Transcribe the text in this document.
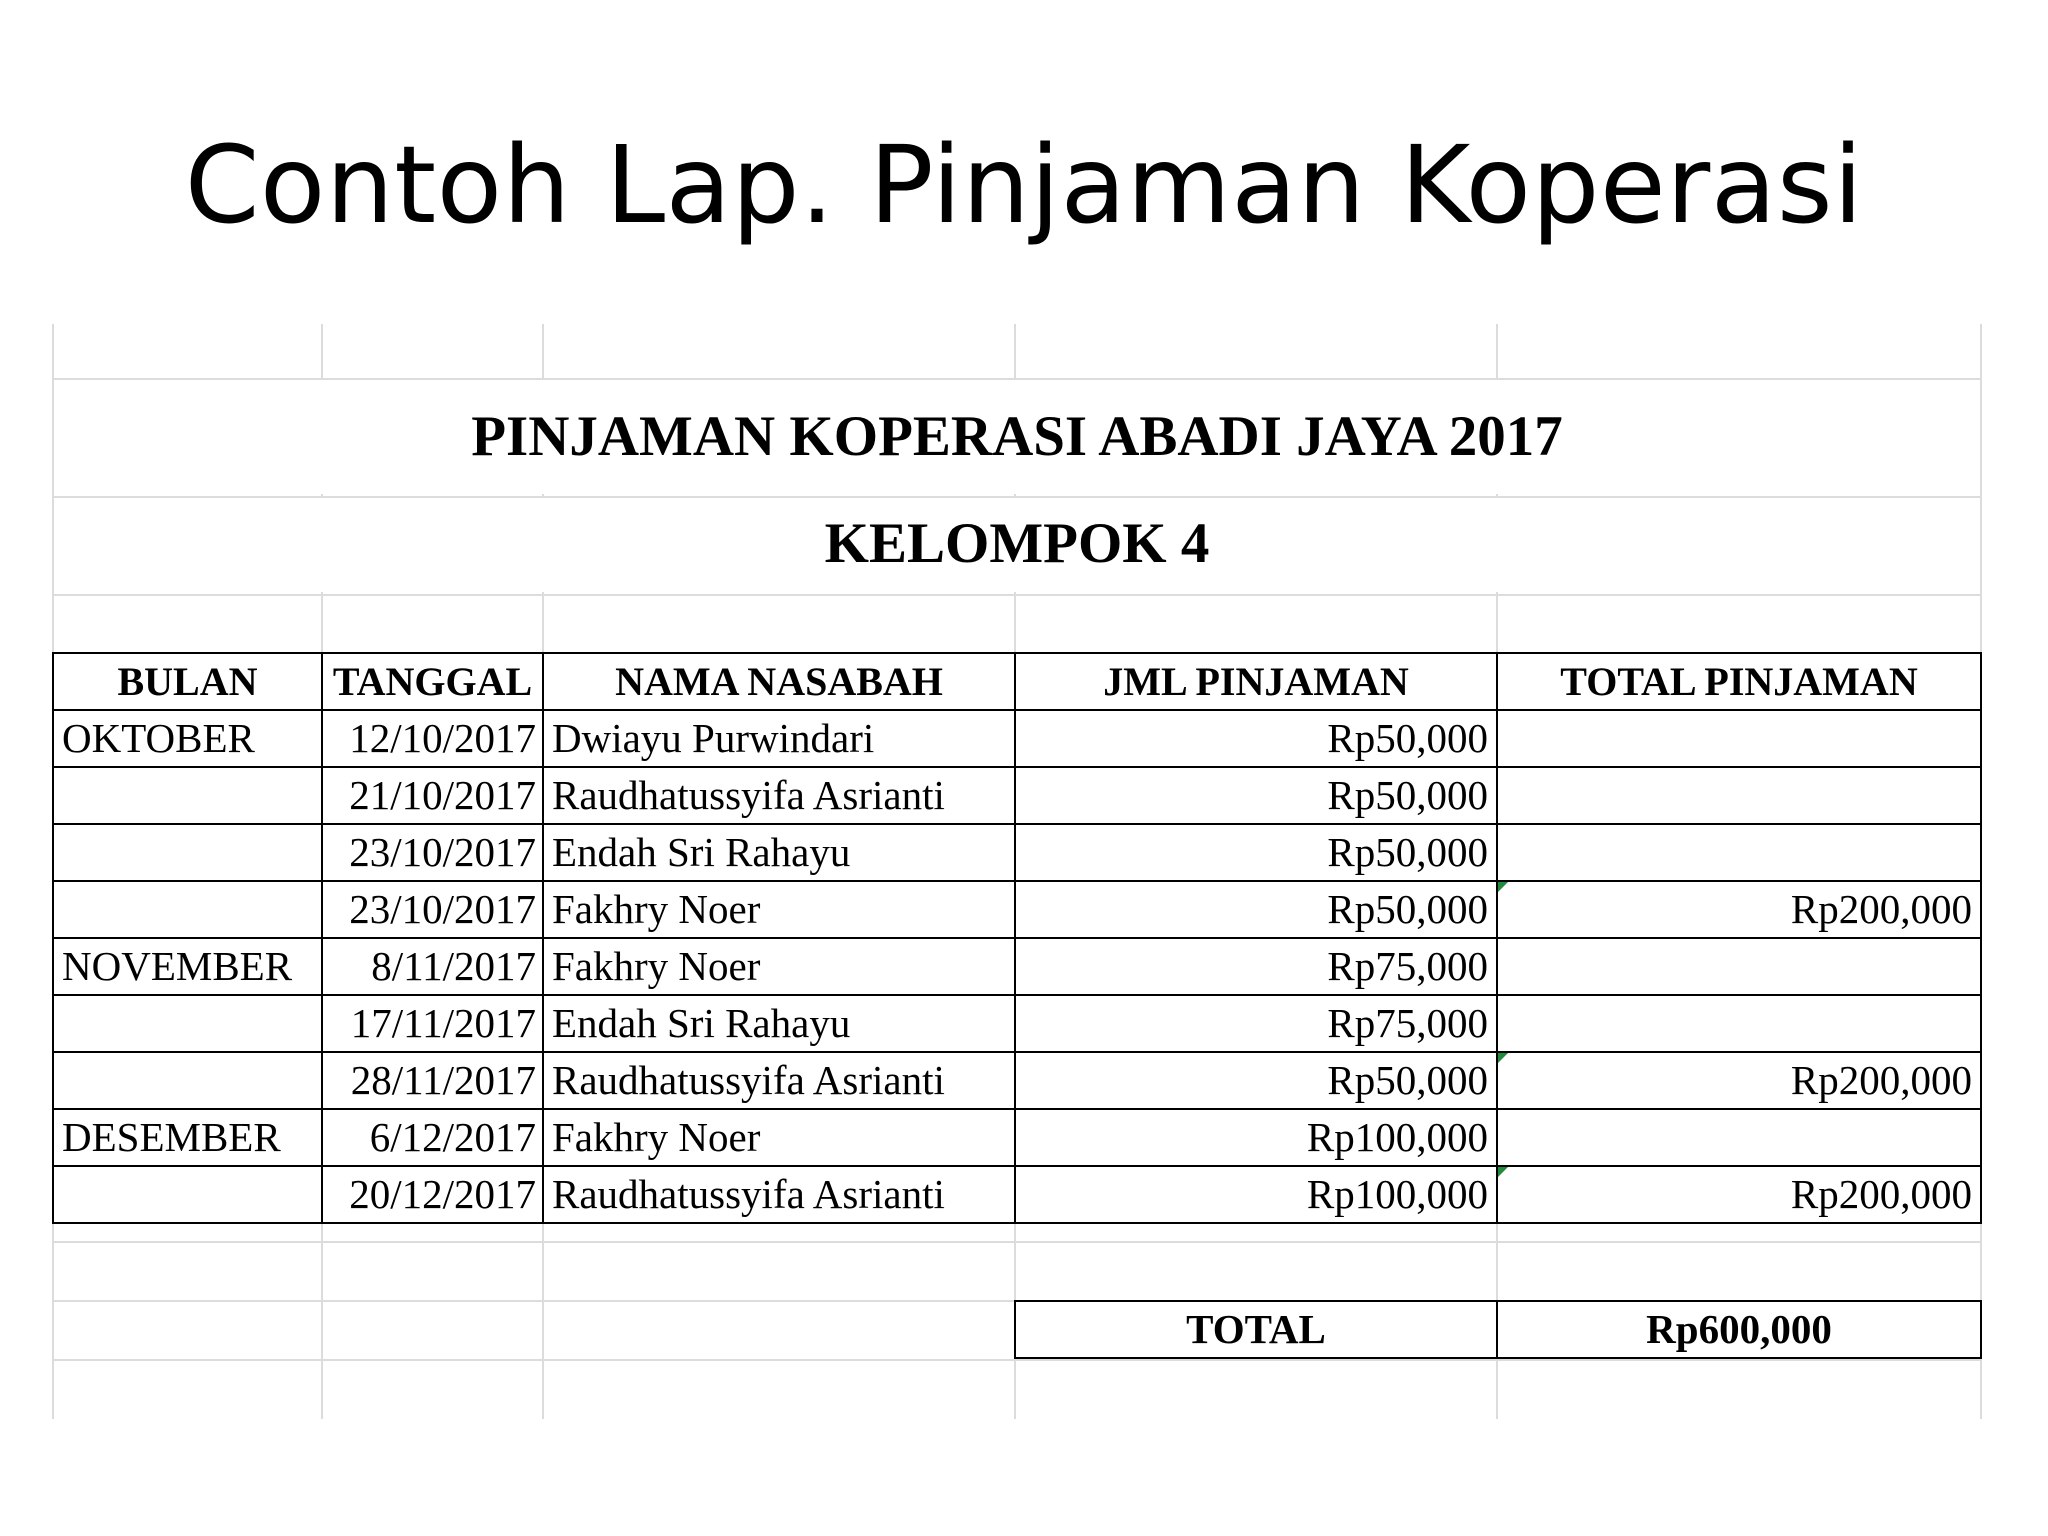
Contoh Lap. Pinjaman Koperasi
PINJAMAN KOPERASI ABADI JAYA 2017
KELOMPOK 4
BULAN	TANGGAL	NAMA NASABAH	JML PINJAMAN	TOTAL PINJAMAN
OKTOBER	12/10/2017	Dwiayu Purwindari	Rp50,000	
	21/10/2017	Raudhatussyifa Asrianti	Rp50,000	
	23/10/2017	Endah Sri Rahayu	Rp50,000	
	23/10/2017	Fakhry Noer	Rp50,000	Rp200,000
NOVEMBER	8/11/2017	Fakhry Noer	Rp75,000	
	17/11/2017	Endah Sri Rahayu	Rp75,000	
	28/11/2017	Raudhatussyifa Asrianti	Rp50,000	Rp200,000
DESEMBER	6/12/2017	Fakhry Noer	Rp100,000	
	20/12/2017	Raudhatussyifa Asrianti	Rp100,000	Rp200,000
TOTAL	Rp600,000
